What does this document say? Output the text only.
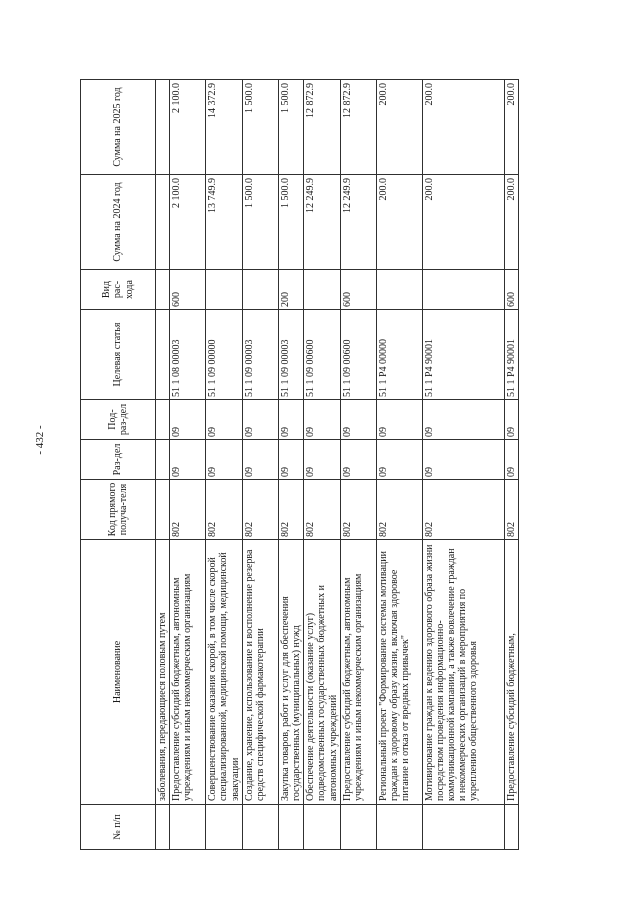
- 432 -
№ п/п	Наименование	Код прямого получа-теля	Раз-дел	Под-раз-дел	Целевая статья	Вид рас-хода	Сумма на 2024 год	Сумма на 2025 год
	заболевания, передающиеся половым путем							
	Предоставление субсидий бюджетным, автономным учреждениям и иным некоммерческим организациям	802	09	09	51 1 08 00003	600	2 100.0	2 100.0
	Совершенствование оказания скорой, в том числе скорой специализированной, медицинской помощи, медицинской эвакуации	802	09	09	51 1 09 00000		13 749.9	14 372.9
	Создание, хранение, использование и восполнение резерва средств специфической фармакотерапии	802	09	09	51 1 09 00003		1 500.0	1 500.0
	Закупка товаров, работ и услуг для обеспечения государственных (муниципальных) нужд	802	09	09	51 1 09 00003	200	1 500.0	1 500.0
	Обеспечение деятельности (оказание услуг) подведомственных государственных бюджетных и автономных учреждений	802	09	09	51 1 09 00600		12 249.9	12 872.9
	Предоставление субсидий бюджетным, автономным учреждениям и иным некоммерческим организациям	802	09	09	51 1 09 00600	600	12 249.9	12 872.9
	Региональный проект "Формирование системы мотивации граждан к здоровому образу жизни, включая здоровое питание и отказ от вредных привычек"	802	09	09	51 1 P4 00000		200.0	200.0
	Мотивирование граждан к ведению здорового образа жизни посредством проведения информационно-коммуникационной кампании, а также вовлечение граждан и некоммерческих организаций в мероприятия по укреплению общественного здоровья	802	09	09	51 1 P4 90001		200.0	200.0
	Предоставление субсидий бюджетным,	802	09	09	51 1 P4 90001	600	200.0	200.0
